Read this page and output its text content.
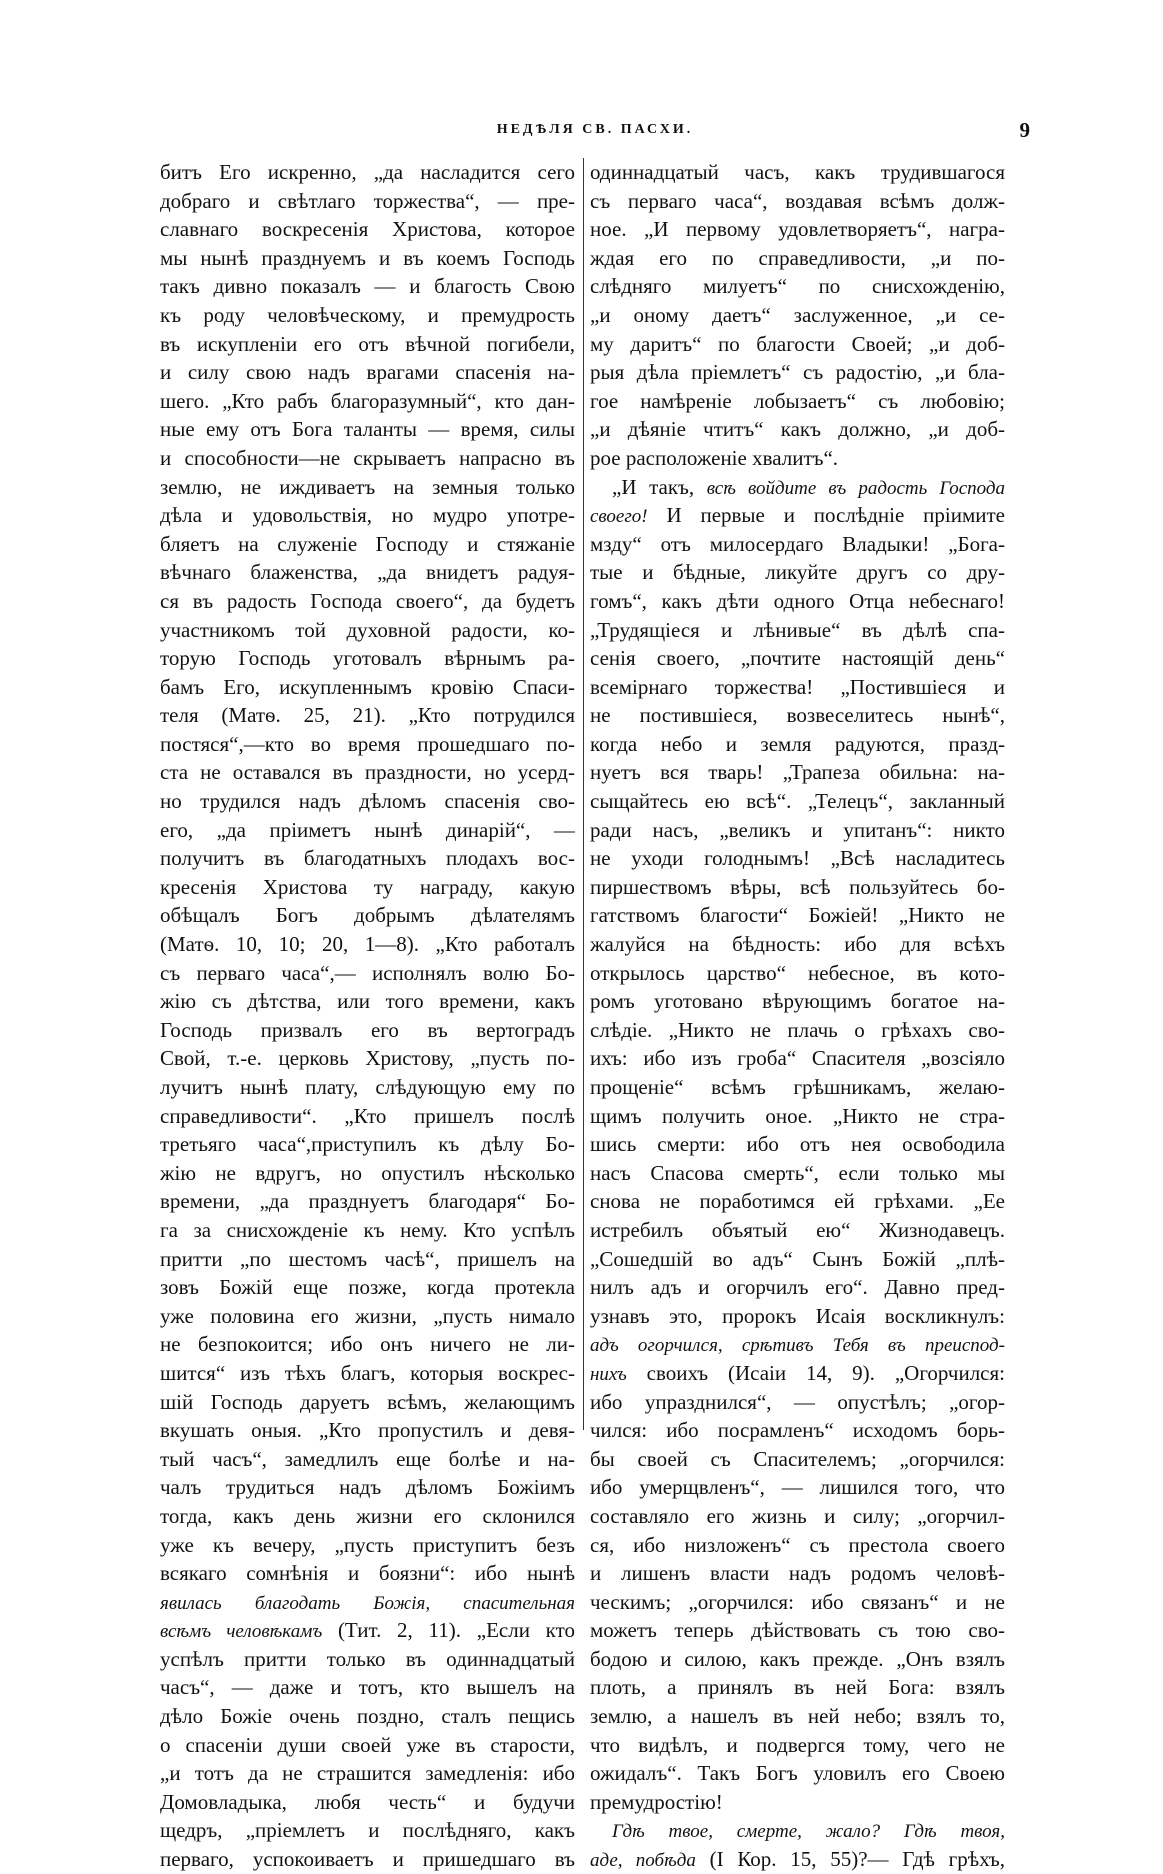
НЕДѢЛЯ СВ. ПАСХИ.	9
битъ Его искренно, „да насладится сего
добраго и свѣтлаго торжества“, — пре-
славнаго воскресенія Христова, которое
мы нынѣ празднуемъ и въ коемъ Господь
такъ дивно показалъ — и благость Свою
къ роду человѣческому, и премудрость
въ искупленіи его отъ вѣчной погибели,
и силу свою надъ врагами спасенія на-
шего. „Кто рабъ благоразумный“, кто дан-
ные ему отъ Бога таланты — время, силы
и способности—не скрываетъ напрасно въ
землю, не иждиваетъ на земныя только
дѣла и удовольствія, но мудро употре-
бляетъ на служеніе Господу и стяжаніе
вѣчнаго блаженства, „да внидетъ радуя-
ся въ радость Господа своего“, да будетъ
участникомъ той духовной радости, ко-
торую Господь уготовалъ вѣрнымъ ра-
бамъ Его, искупленнымъ кровію Спаси-
теля (Матѳ. 25, 21). „Кто потрудился
постяся“,—кто во время прошедшаго по-
ста не оставался въ праздности, но усерд-
но трудился надъ дѣломъ спасенія сво-
его, „да пріиметъ нынѣ динарій“, —
получитъ въ благодатныхъ плодахъ вос-
кресенія Христова ту награду, какую
обѣщалъ Богъ добрымъ дѣлателямъ
(Матѳ. 10, 10; 20, 1—8). „Кто работалъ
съ перваго часа“,— исполнялъ волю Бо-
жію съ дѣтства, или того времени, какъ
Господь призвалъ его въ вертоградъ
Свой, т.-е. церковь Христову, „пусть по-
лучитъ нынѣ плату, слѣдующую ему по
справедливости“. „Кто пришелъ послѣ
третьяго часа“,приступилъ къ дѣлу Бо-
жію не вдругъ, но опустилъ нѣсколько
времени, „да празднуетъ благодаря“ Бо-
га за снисхожденіе къ нему. Кто успѣлъ
притти „по шестомъ часѣ“, пришелъ на
зовъ Божій еще позже, когда протекла
уже половина его жизни, „пусть нимало
не безпокоится; ибо онъ ничего не ли-
шится“ изъ тѣхъ благъ, которыя воскрес-
шій Господь даруетъ всѣмъ, желающимъ
вкушать оныя. „Кто пропустилъ и девя-
тый часъ“, замедлилъ еще болѣе и на-
чалъ трудиться надъ дѣломъ Божіимъ
тогда, какъ день жизни его склонился
уже къ вечеру, „пусть приступитъ безъ
всякаго сомнѣнія и боязни“: ибо нынѣ
явилась благодать Божія, спасительная
всѣмъ человѣкамъ (Тит. 2, 11). „Если кто
успѣлъ притти только въ одиннадцатый
часъ“, — даже и тотъ, кто вышелъ на
дѣло Божіе очень поздно, сталъ пещись
о спасеніи души своей уже въ старости,
„и тотъ да не страшится замедленія: ибо
Домовладыка, любя честь“ и будучи
щедръ, „пріемлетъ и послѣдняго, какъ
перваго, успокоиваетъ и пришедшаго въ
одиннадцатый часъ, какъ трудившагося
съ перваго часа“, воздавая всѣмъ долж-
ное. „И первому удовлетворяетъ“, награ-
ждая его по справедливости, „и по-
слѣдняго милуетъ“ по снисхожденію,
„и оному даетъ“ заслуженное, „и се-
му даритъ“ по благости Своей; „и доб-
рыя дѣла пріемлетъ“ съ радостію, „и бла-
гое намѣреніе лобызаетъ“ съ любовію;
„и дѣяніе чтитъ“ какъ должно, „и доб-
рое расположеніе хвалитъ“.
„И такъ, всѣ войдите въ радость Господа
своего! И первые и послѣдніе пріимите
мзду“ отъ милосердаго Владыки! „Бога-
тые и бѣдные, ликуйте другъ со дру-
гомъ“, какъ дѣти одного Отца небеснаго!
„Трудящіеся и лѣнивые“ въ дѣлѣ спа-
сенія своего, „почтите настоящій день“
всемірнаго торжества! „Постившіеся и
не постившіеся, возвеселитесь нынѣ“,
когда небо и земля радуются, празд-
нуетъ вся тварь! „Трапеза обильна: на-
сыщайтесь ею всѣ“. „Телецъ“, закланный
ради насъ, „великъ и упитанъ“: никто
не уходи голоднымъ! „Всѣ насладитесь
пиршествомъ вѣры, всѣ пользуйтесь бо-
гатствомъ благости“ Божіей! „Никто не
жалуйся на бѣдность: ибо для всѣхъ
открылось царство“ небесное, въ кото-
ромъ уготовано вѣрующимъ богатое на-
слѣдіе. „Никто не плачь о грѣхахъ сво-
ихъ: ибо изъ гроба“ Спасителя „возсіяло
прощеніе“ всѣмъ грѣшникамъ, желаю-
щимъ получить оное. „Никто не стра-
шись смерти: ибо отъ нея освободила
насъ Спасова смерть“, если только мы
снова не поработимся ей грѣхами. „Ее
истребилъ объятый ею“ Жизнодавецъ.
„Сошедшій во адъ“ Сынъ Божій „плѣ-
нилъ адъ и огорчилъ его“. Давно пред-
узнавъ это, пророкъ Исаія воскликнулъ:
адъ огорчился, срѣтивъ Тебя въ преиспод-
нихъ своихъ (Исаіи 14, 9). „Огорчился:
ибо упразднился“, — опустѣлъ; „огор-
чился: ибо посрамленъ“ исходомъ борь-
бы своей съ Спасителемъ; „огорчился:
ибо умерщвленъ“, — лишился того, что
составляло его жизнь и силу; „огорчил-
ся, ибо низложенъ“ съ престола своего
и лишенъ власти надъ родомъ человѣ-
ческимъ; „огорчился: ибо связанъ“ и не
можетъ теперь дѣйствовать съ тою сво-
бодою и силою, какъ прежде. „Онъ взялъ
плоть, а принялъ въ ней Бога: взялъ
землю, а нашелъ въ ней небо; взялъ то,
что видѣлъ, и подвергся тому, чего не
ожидалъ“. Такъ Богъ уловилъ его Своею
премудростію!
Гдѣ твое, смерте, жало? Гдѣ твоя,
аде, побѣда (I Кор. 15, 55)?— Гдѣ грѣхъ,
